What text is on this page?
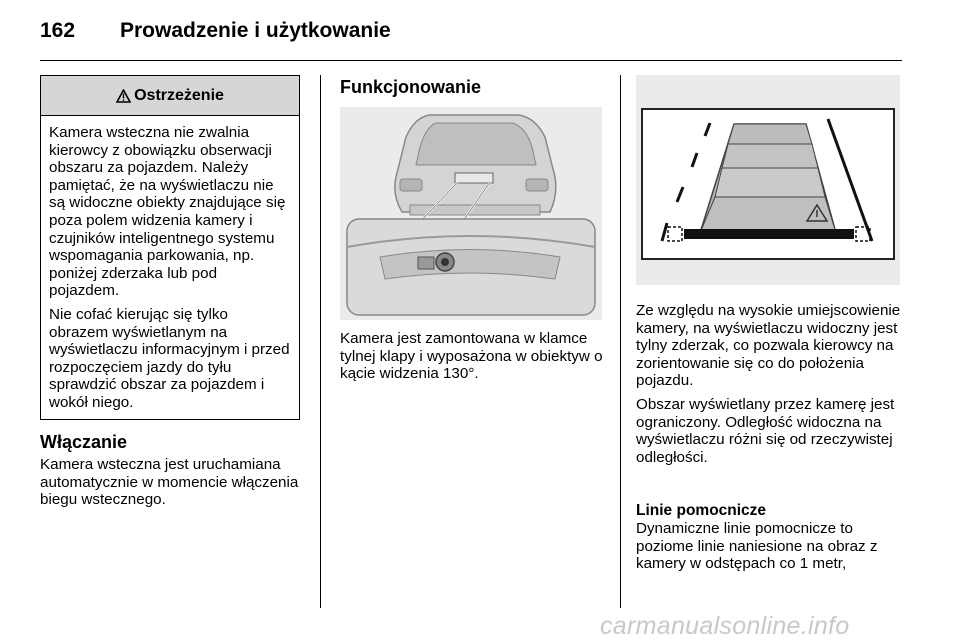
162 Prowadzenie i użytkowanie
Ostrzeżenie

Kamera wsteczna nie zwalnia kierowcy z obowiązku obserwacji obszaru za pojazdem. Należy pamiętać, że na wyświetlaczu nie są widoczne obiekty znajdujące się poza polem widzenia kamery i czujników inteligentnego systemu wspomagania parkowania, np. poniżej zderzaka lub pod pojazdem.

Nie cofać kierując się tylko obrazem wyświetlanym na wyświetlaczu informacyjnym i przed rozpoczęciem jazdy do tyłu sprawdzić obszar za pojazdem i wokół niego.

Włączanie
Kamera wsteczna jest uruchamiana automatycznie w momencie włączenia biegu wstecznego.
Funkcjonowanie
Kamera jest zamontowana w klamce tylnej klapy i wyposażona w obiektyw o kącie widzenia 130°.

Ze względu na wysokie umiejscowienie kamery, na wyświetlaczu widoczny jest tylny zderzak, co pozwala kierowcy na zorientowanie się co do położenia pojazdu.

Obszar wyświetlany przez kamerę jest ograniczony. Odległość widoczna na wyświetlaczu różni się od rzeczywistej odległości.

Linie pomocnicze
Dynamiczne linie pomocnicze to poziome linie naniesione na obraz z kamery w odstępach co 1 metr,
carmanualsonline.info
